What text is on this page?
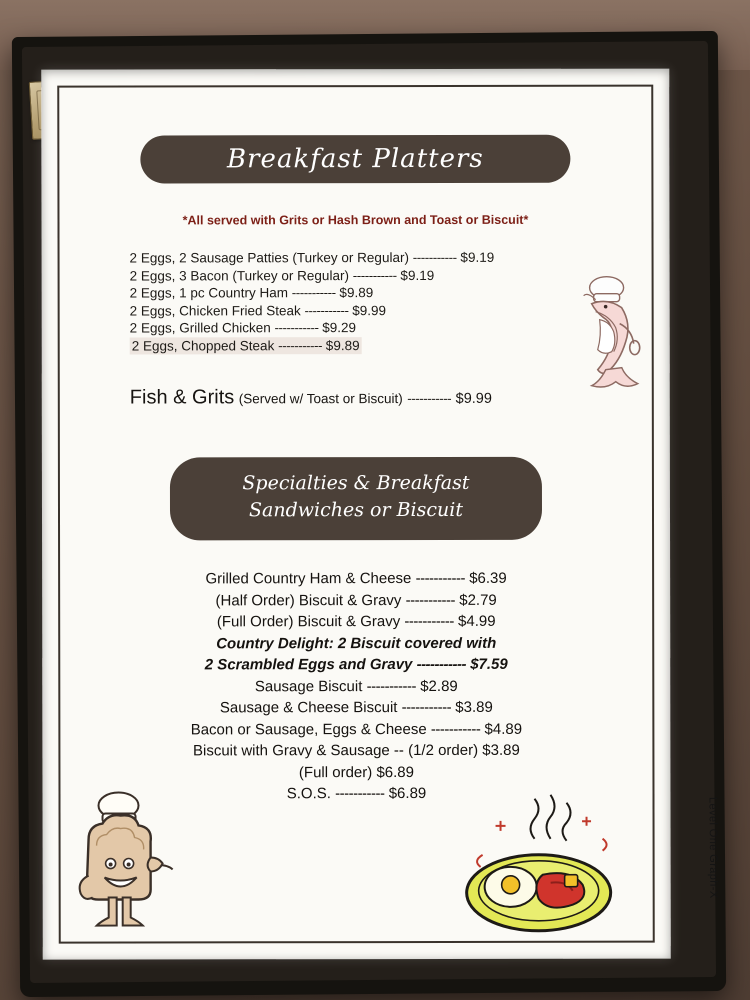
Breakfast Platters
*All served with Grits or Hash Brown and Toast or Biscuit*
2 Eggs, 2 Sausage Patties (Turkey or Regular) ----------- $9.19
2 Eggs, 3 Bacon (Turkey or Regular) ----------- $9.19
2 Eggs, 1 pc Country Ham ----------- $9.89
2 Eggs, Chicken Fried Steak ----------- $9.99
2 Eggs, Grilled Chicken ----------- $9.29
2 Eggs, Chopped Steak ----------- $9.89
Fish & Grits (Served w/ Toast or Biscuit) ----------- $9.99
Specialties & Breakfast
Sandwiches or Biscuit
Grilled Country Ham & Cheese ----------- $6.39
(Half Order) Biscuit & Gravy ----------- $2.79
(Full Order) Biscuit & Gravy ----------- $4.99
Country Delight: 2 Biscuit covered with
2 Scrambled Eggs and Gravy ----------- $7.59
Sausage Biscuit ----------- $2.89
Sausage & Cheese Biscuit ----------- $3.89
Bacon or Sausage, Eggs & Cheese ----------- $4.89
Biscuit with Gravy & Sausage -- (1/2 order) $3.89
(Full order) $6.89
S.O.S. ----------- $6.89
Level One Graph-X
